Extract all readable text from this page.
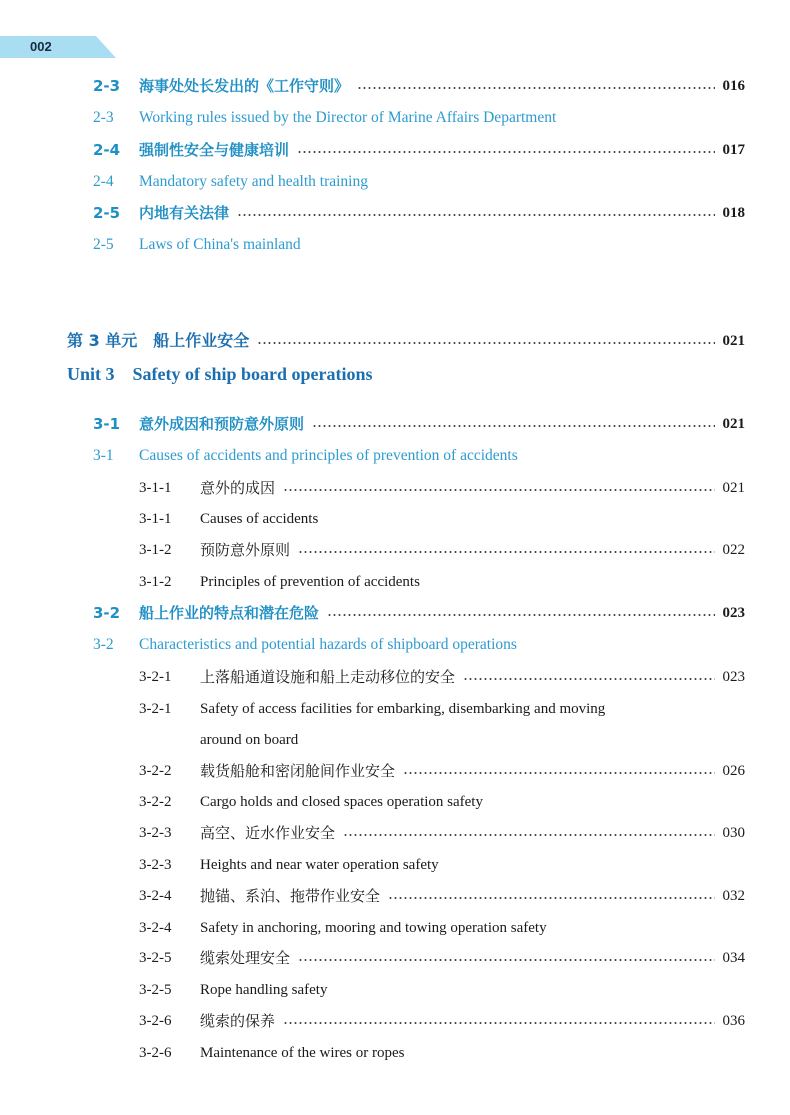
002
2-3	海事处处长发出的《工作守则》	016
2-3	Working rules issued by the Director of Marine Affairs Department
2-4	强制性安全与健康培训	017
2-4	Mandatory safety and health training
2-5	内地有关法律	018
2-5	Laws of China's mainland
第 3 单元 船上作业安全	021
Unit 3 Safety of ship board operations
3-1	意外成因和预防意外原则	021
3-1	Causes of accidents and principles of prevention of accidents
3-1-1	意外的成因	021
3-1-1	Causes of accidents
3-1-2	预防意外原则	022
3-1-2	Principles of prevention of accidents
3-2	船上作业的特点和潜在危险	023
3-2	Characteristics and potential hazards of shipboard operations
3-2-1	上落船通道设施和船上走动移位的安全	023
3-2-1	Safety of access facilities for embarking, disembarking and moving
around on board
3-2-2	载货船舱和密闭舱间作业安全	026
3-2-2	Cargo holds and closed spaces operation safety
3-2-3	高空、近水作业安全	030
3-2-3	Heights and near water operation safety
3-2-4	抛锚、系泊、拖带作业安全	032
3-2-4	Safety in anchoring, mooring and towing operation safety
3-2-5	缆索处理安全	034
3-2-5	Rope handling safety
3-2-6	缆索的保养	036
3-2-6	Maintenance of the wires or ropes
